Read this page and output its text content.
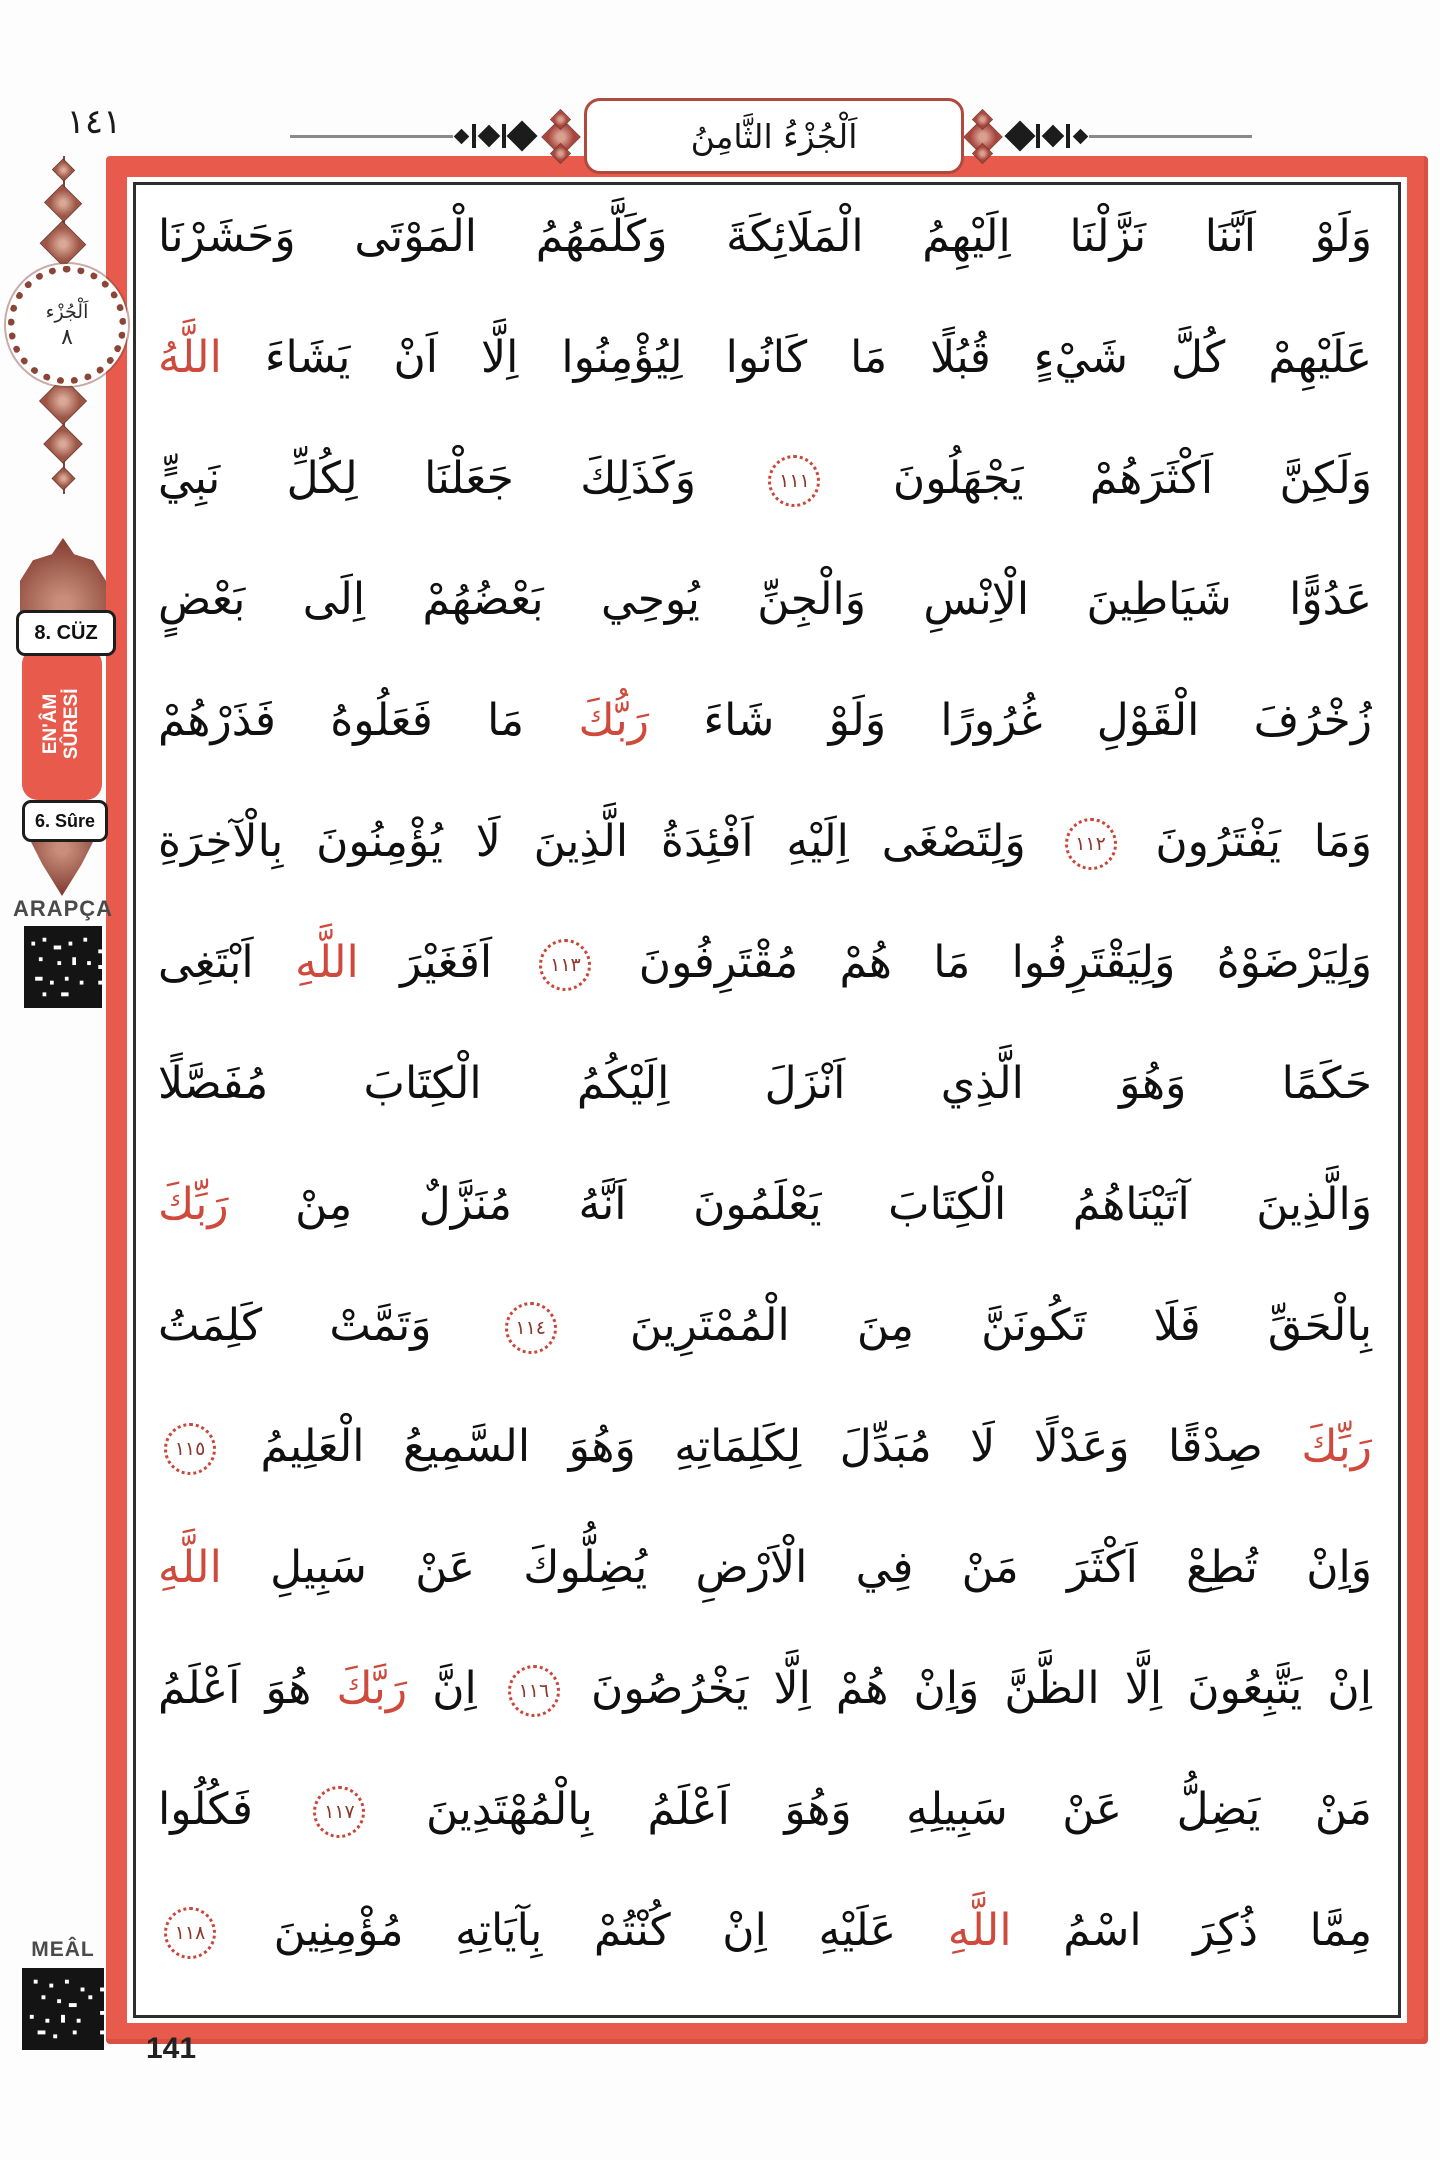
اَلْجُزْءُ الثَّامِنُ
١٤١
141
وَلَوْ اَنَّنَا نَزَّلْنَا اِلَيْهِمُ الْمَلَائِكَةَ وَكَلَّمَهُمُ الْمَوْتَى وَحَشَرْنَا
عَلَيْهِمْ كُلَّ شَيْءٍ قُبُلًا مَا كَانُوا لِيُؤْمِنُوا اِلَّا اَنْ يَشَاءَ اللَّهُ
وَلَكِنَّ اَكْثَرَهُمْ يَجْهَلُونَ ١١١ وَكَذَلِكَ جَعَلْنَا لِكُلِّ نَبِيٍّ
عَدُوًّا شَيَاطِينَ الْاِنْسِ وَالْجِنِّ يُوحِي بَعْضُهُمْ اِلَى بَعْضٍ
زُخْرُفَ الْقَوْلِ غُرُورًا وَلَوْ شَاءَ رَبُّكَ مَا فَعَلُوهُ فَذَرْهُمْ
وَمَا يَفْتَرُونَ ١١٢ وَلِتَصْغَى اِلَيْهِ اَفْئِدَةُ الَّذِينَ لَا يُؤْمِنُونَ بِالْآخِرَةِ
وَلِيَرْضَوْهُ وَلِيَقْتَرِفُوا مَا هُمْ مُقْتَرِفُونَ ١١٣ اَفَغَيْرَ اللَّهِ اَبْتَغِى
حَكَمًا وَهُوَ الَّذِي اَنْزَلَ اِلَيْكُمُ الْكِتَابَ مُفَصَّلًا
وَالَّذِينَ آتَيْنَاهُمُ الْكِتَابَ يَعْلَمُونَ اَنَّهُ مُنَزَّلٌ مِنْ رَبِّكَ
بِالْحَقِّ فَلَا تَكُونَنَّ مِنَ الْمُمْتَرِينَ ١١٤ وَتَمَّتْ كَلِمَتُ
رَبِّكَ صِدْقًا وَعَدْلًا لَا مُبَدِّلَ لِكَلِمَاتِهِ وَهُوَ السَّمِيعُ الْعَلِيمُ ١١٥
وَاِنْ تُطِعْ اَكْثَرَ مَنْ فِي الْاَرْضِ يُضِلُّوكَ عَنْ سَبِيلِ اللَّهِ
اِنْ يَتَّبِعُونَ اِلَّا الظَّنَّ وَاِنْ هُمْ اِلَّا يَخْرُصُونَ ١١٦ اِنَّ رَبَّكَ هُوَ اَعْلَمُ
مَنْ يَضِلُّ عَنْ سَبِيلِهِ وَهُوَ اَعْلَمُ بِالْمُهْتَدِينَ ١١٧ فَكُلُوا
مِمَّا ذُكِرَ اسْمُ اللَّهِ عَلَيْهِ اِنْ كُنْتُمْ بِآيَاتِهِ مُؤْمِنِينَ ١١٨
اَلْجُزْء
٨
8. CÜZ
EN'ÂM SÛRESİ
6. Sûre
ARAPÇA
MEÂL
